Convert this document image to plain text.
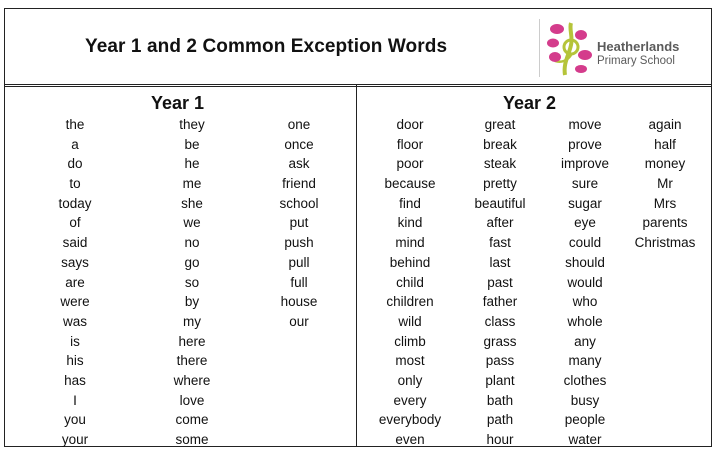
Year 1 and 2 Common Exception Words	Heatherlands
Primary School
Year 1	Year 2
the
a
do
to
today
of
said
says
are
were
was
is
his
has
I
you
your
they
be
he
me
she
we
no
go
so
by
my
here
there
where
love
come
some
one
once
ask
friend
school
put
push
pull
full
house
our
door
floor
poor
because
find
kind
mind
behind
child
children
wild
climb
most
only
every
everybody
even
great
break
steak
pretty
beautiful
after
fast
last
past
father
class
grass
pass
plant
bath
path
hour
move
prove
improve
sure
sugar
eye
could
should
would
who
whole
any
many
clothes
busy
people
water
again
half
money
Mr
Mrs
parents
Christmas
